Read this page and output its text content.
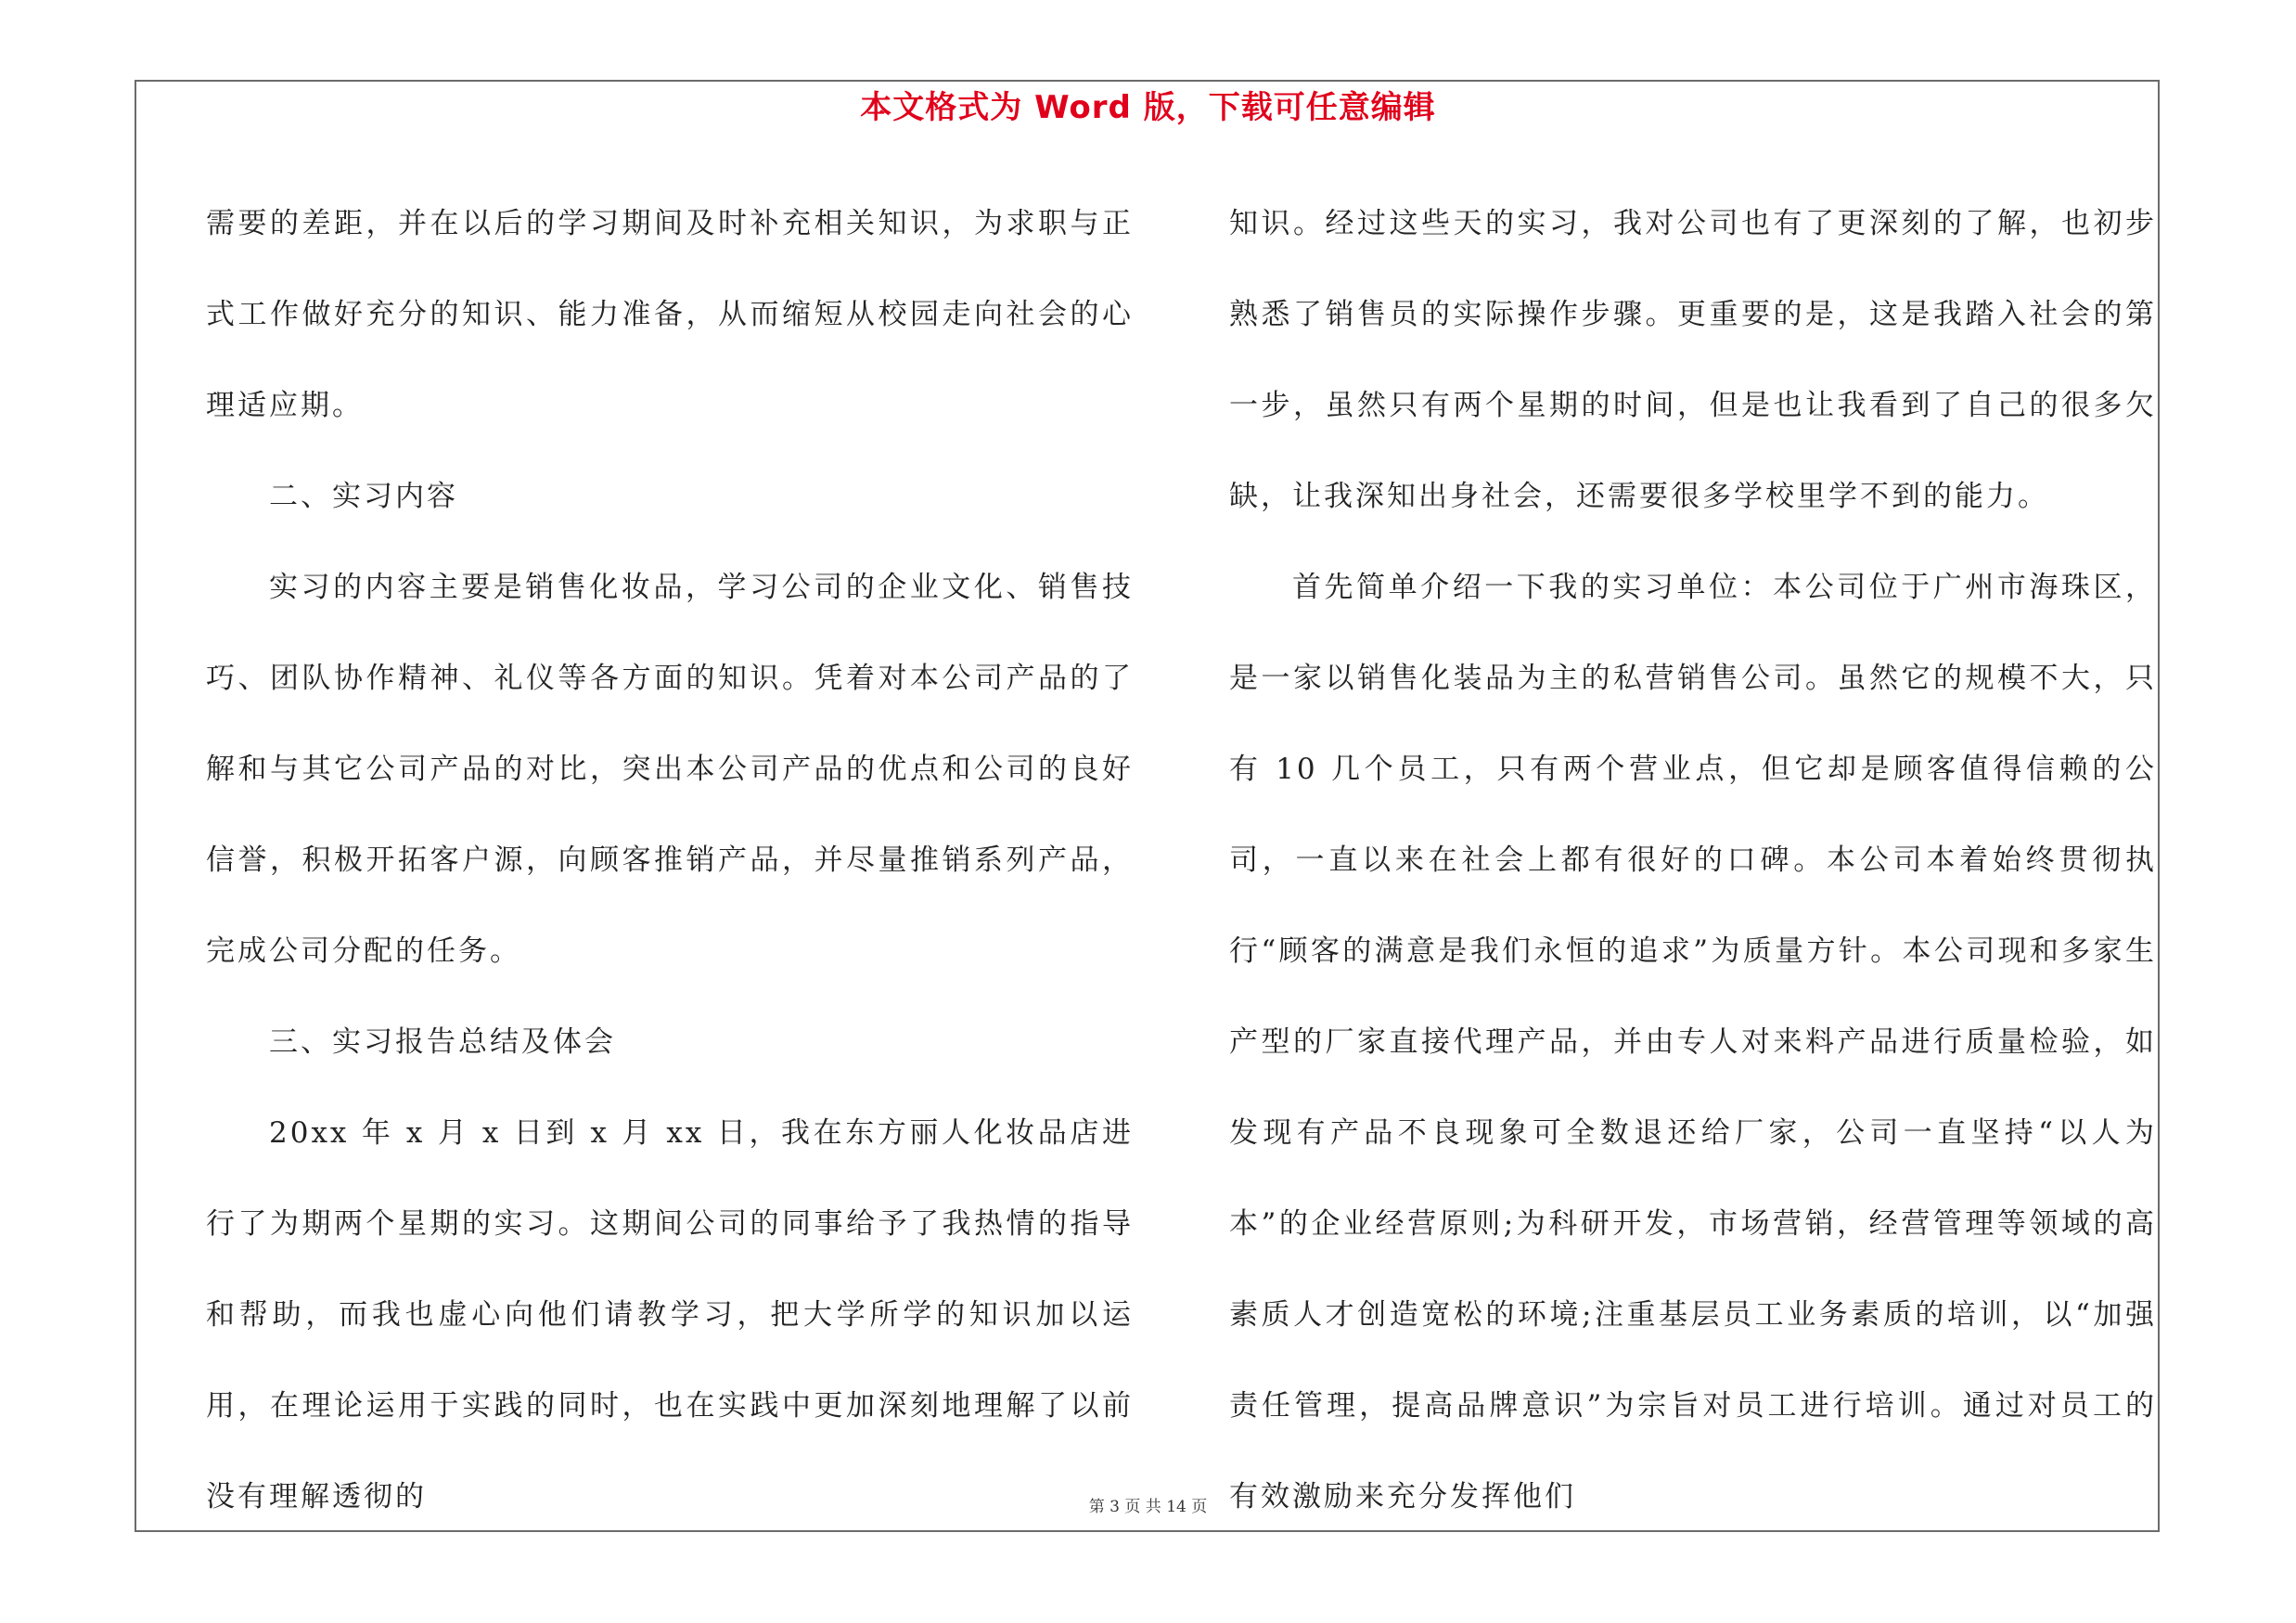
本文格式为 Word 版，下载可任意编辑

需要的差距，并在以后的学习期间及时补充相关知识，为求职与正式工作做好充分的知识、能力准备，从而缩短从校园走向社会的心理适应期。

二、实习内容

实习的内容主要是销售化妆品，学习公司的企业文化、销售技巧、团队协作精神、礼仪等各方面的知识。凭着对本公司产品的了解和与其它公司产品的对比，突出本公司产品的优点和公司的良好信誉，积极开拓客户源，向顾客推销产品，并尽量推销系列产品，完成公司分配的任务。

三、实习报告总结及体会

20xx 年 x 月 x 日到 x 月 xx 日，我在东方丽人化妆品店进行了为期两个星期的实习。这期间公司的同事给予了我热情的指导和帮助，而我也虚心向他们请教学习，把大学所学的知识加以运用，在理论运用于实践的同时，也在实践中更加深刻地理解了以前没有理解透彻的

知识。经过这些天的实习，我对公司也有了更深刻的了解，也初步熟悉了销售员的实际操作步骤。更重要的是，这是我踏入社会的第一步，虽然只有两个星期的时间，但是也让我看到了自己的很多欠缺，让我深知出身社会，还需要很多学校里学不到的能力。

首先简单介绍一下我的实习单位：本公司位于广州市海珠区，是一家以销售化装品为主的私营销售公司。虽然它的规模不大，只有 10 几个员工，只有两个营业点，但它却是顾客值得信赖的公司，一直以来在社会上都有很好的口碑。本公司本着始终贯彻执行“顾客的满意是我们永恒的追求”为质量方针。本公司现和多家生产型的厂家直接代理产品，并由专人对来料产品进行质量检验，如发现有产品不良现象可全数退还给厂家，公司一直坚持“以人为本”的企业经营原则;为科研开发，市场营销，经营管理等领域的高素质人才创造宽松的环境;注重基层员工业务素质的培训，以“加强责任管理，提高品牌意识”为宗旨对员工进行培训。通过对员工的有效激励来充分发挥他们

第 3 页 共 14 页
